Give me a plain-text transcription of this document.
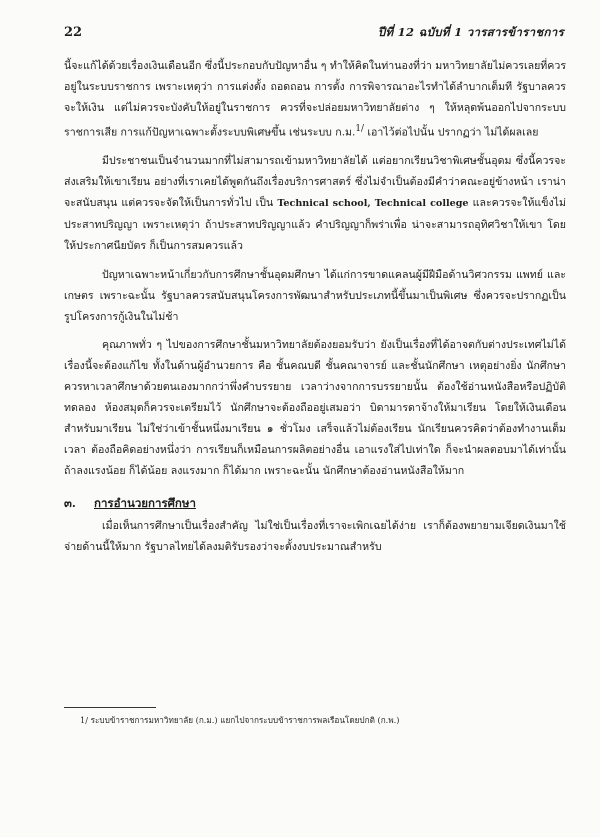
22	ปีที่ 12 ฉบับที่ 1 วารสารข้าราชการ

นี้จะแก้ได้ด้วยเรื่องเงินเดือนอีก ซึ่งนี้ประกอบกับปัญหาอื่น ๆ ทำให้คิดในท่านองที่ว่า มหาวิทยาลัยไม่ควรเลยที่ควรอยู่ในระบบราชการ เพราะเหตุว่า การแต่งตั้ง ถอดถอน การตั้ง การพิจารณาอะไรทำได้ลำบากเต็มที รัฐบาลควรจะให้เงิน แต่ไม่ควรจะบังคับให้อยู่ในราชการ ควรที่จะปล่อยมหาวิทยาลัยต่าง ๆ ให้หลุดพ้นออกไปจากระบบราชการเสีย การแก้ปัญหาเฉพาะตั้งระบบพิเศษขึ้น เช่นระบบ ก.ม.$^{1/}$ เอาไว้ต่อไปนั้น ปรากฏว่า ไม่ได้ผลเลย

มีประชาชนเป็นจำนวนมากที่ไม่สามารถเข้ามหาวิทยาลัยได้ แต่อยากเรียนวิชาพิเศษชั้นอุดม ซึ่งนี้ควรจะส่งเสริมให้เขาเรียน อย่างที่เราเคยได้พูดกันถึงเรื่องบริการศาสตร์ ซึ่งไม่จำเป็นต้องมีคำว่าคณะอยู่ข้างหน้า เราน่าจะสนับสนุน แต่ควรจะจัดให้เป็นการทั่วไป เป็น Technical school, Technical college และควรจะให้แข็งไม่ประสาทปริญญา เพราะเหตุว่า ถ้าประสาทปริญญาแล้ว คำปริญญาก็พร่าเพื่อ น่าจะสามารถอุทิศวิชาให้เขา โดยให้ประกาศนียบัตร ก็เป็นการสมควรแล้ว

ปัญหาเฉพาะหน้าเกี่ยวกับการศึกษาชั้นอุดมศึกษา ได้แก่การขาดแคลนผู้มีฝีมือด้านวิศวกรรม แพทย์ และเกษตร เพราะฉะนั้น รัฐบาลควรสนับสนุนโครงการพัฒนาสำหรับประเภทนี้ขึ้นมาเป็นพิเศษ ซึ่งควรจะปรากฏเป็นรูปโครงการกู้เงินในไม่ช้า

คุณภาพทั่ว ๆ ไปของการศึกษาชั้นมหาวิทยาลัยต้องยอมรับว่า ยังเป็นเรื่องที่ได้อาจตกับต่างประเทศไม่ได้ เรื่องนี้จะต้องแก้ไข ทั้งในด้านผู้อำนวยการ คือ ชั้นคณบดี ชั้นคณาจารย์ และชั้นนักศึกษา เหตุอย่างยิ่ง นักศึกษาควรหาเวลาศึกษาด้วยตนเองมากกว่าพึ่งคำบรรยาย เวลาว่างจากการบรรยายนั้น ต้องใช้อ่านหนังสือหรือปฏิบัติทดลอง ห้องสมุดก็ควรจะเตรียมไว้ นักศึกษาจะต้องถืออยู่เสมอว่า บิดามารดาจ้างให้มาเรียน โดยให้เงินเดือนสำหรับมาเรียน ไม่ใช่ว่าเข้าชั้นหนึ่งมาเรียน ๑ ชั่วโมง เสร็จแล้วไม่ต้องเรียน นักเรียนควรคิดว่าต้องทำงานเต็มเวลา ต้องถือคิดอย่างหนึ่งว่า การเรียนก็เหมือนการผลิตอย่างอื่น เอาแรงใส่ไปเท่าใด ก็จะนำผลตอบมาได้เท่านั้น ถ้าลงแรงน้อย ก็ได้น้อย ลงแรงมาก ก็ได้มาก เพราะฉะนั้น นักศึกษาต้องอ่านหนังสือให้มาก

๓. การอำนวยการศึกษา

เมื่อเห็นการศึกษาเป็นเรื่องสำคัญ ไม่ใช่เป็นเรื่องที่เราจะเพิกเฉยได้ง่าย เราก็ต้องพยายามเจียดเงินมาใช้จ่ายด้านนี้ให้มาก รัฐบาลไทยได้ลงมติรับรองว่าจะตั้งงบประมาณสำหรับ

1/ ระบบข้าราชการมหาวิทยาลัย (ก.ม.) แยกไปจากระบบข้าราชการพลเรือนโดยปกติ (ก.พ.)
